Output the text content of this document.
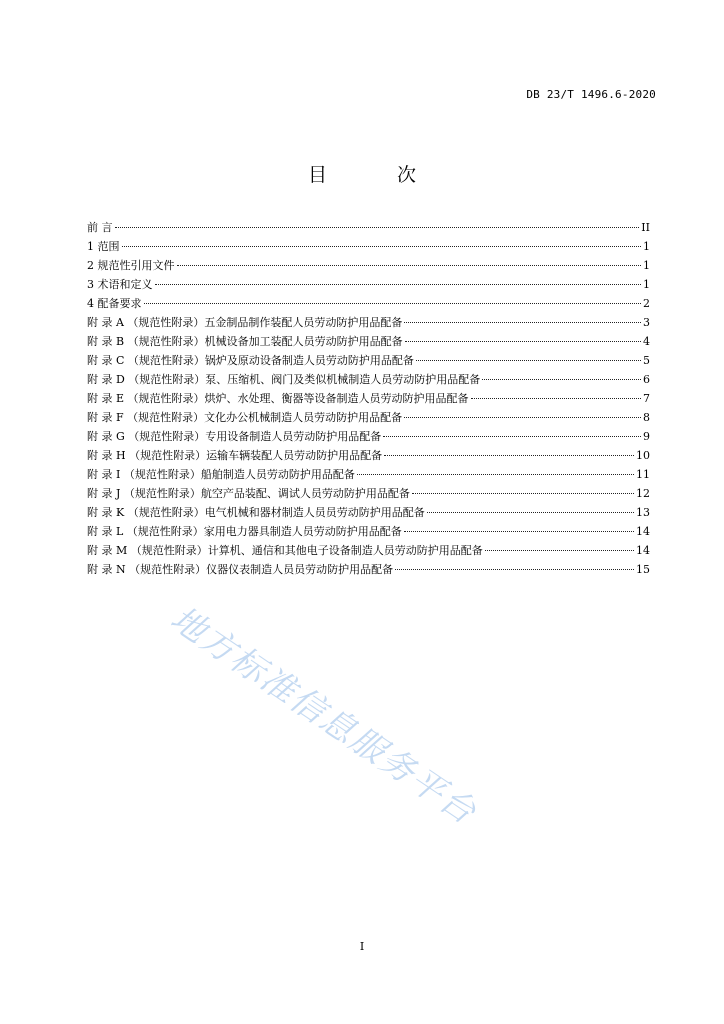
DB 23/T 1496.6-2020
目 次
前 言	II
1 范围	1
2 规范性引用文件	1
3 术语和定义	1
4 配备要求	2
附 录 A （规范性附录）五金制品制作装配人员劳动防护用品配备	3
附 录 B （规范性附录）机械设备加工装配人员劳动防护用品配备	4
附 录 C （规范性附录）锅炉及原动设备制造人员劳动防护用品配备	5
附 录 D （规范性附录）泵、压缩机、阀门及类似机械制造人员劳动防护用品配备	6
附 录 E （规范性附录）烘炉、水处理、衡器等设备制造人员劳动防护用品配备	7
附 录 F （规范性附录）文化办公机械制造人员劳动防护用品配备	8
附 录 G （规范性附录）专用设备制造人员劳动防护用品配备	9
附 录 H （规范性附录）运输车辆装配人员劳动防护用品配备	10
附 录 I （规范性附录）船舶制造人员劳动防护用品配备	11
附 录 J （规范性附录）航空产品装配、调试人员劳动防护用品配备	12
附 录 K （规范性附录）电气机械和器材制造人员员劳动防护用品配备	13
附 录 L （规范性附录）家用电力器具制造人员劳动防护用品配备	14
附 录 M （规范性附录）计算机、通信和其他电子设备制造人员劳动防护用品配备	14
附 录 N （规范性附录）仪器仪表制造人员员劳动防护用品配备	15
地方标准信息服务平台
I
